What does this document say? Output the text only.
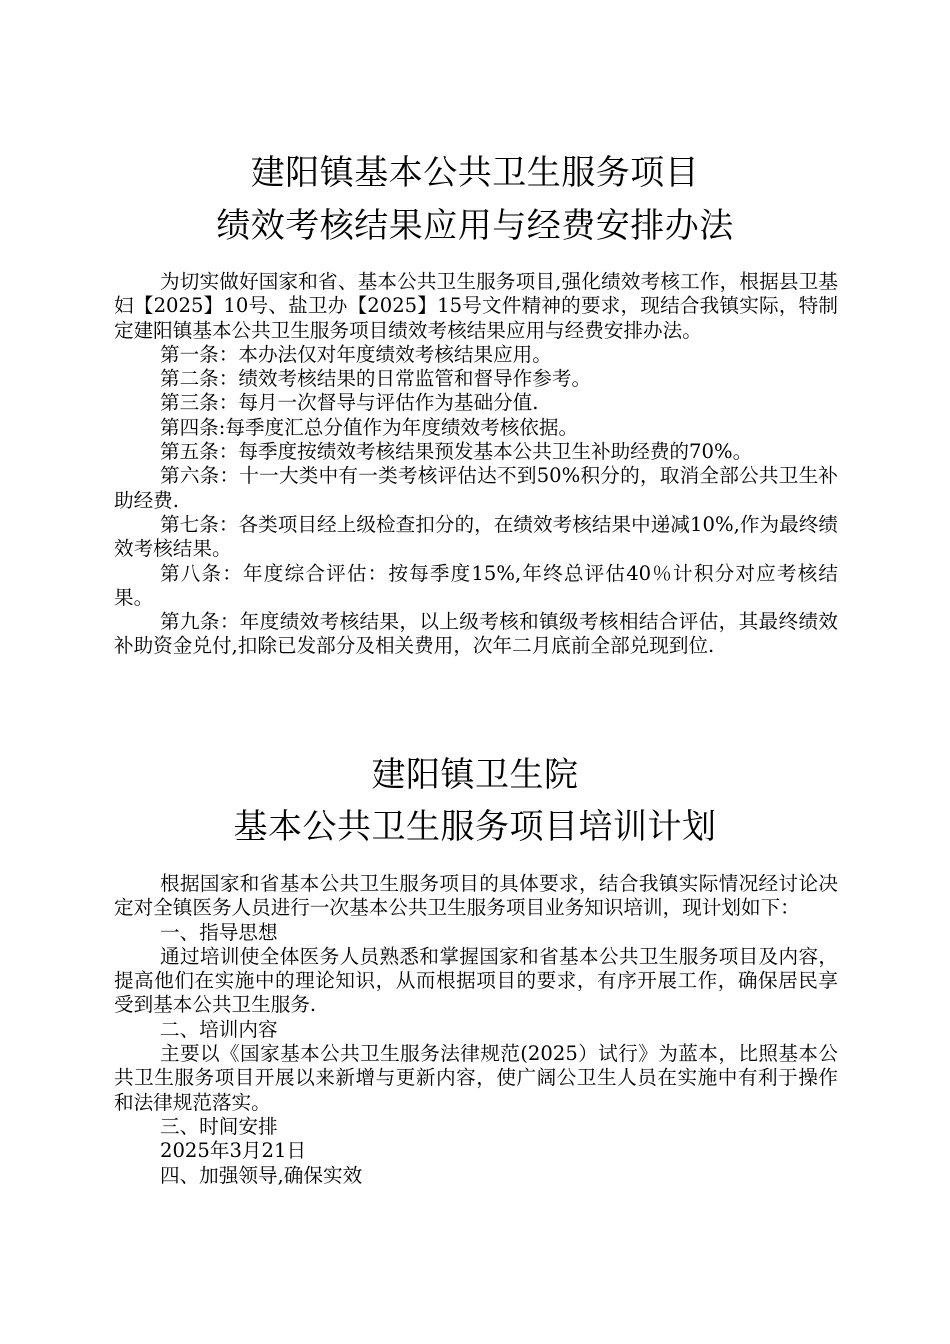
建阳镇基本公共卫生服务项目
绩效考核结果应用与经费安排办法

为切实做好国家和省、基本公共卫生服务项目,强化绩效考核工作，根据县卫基妇【2025】10号、盐卫办【2025】15号文件精神的要求，现结合我镇实际，特制定建阳镇基本公共卫生服务项目绩效考核结果应用与经费安排办法。

第一条：本办法仅对年度绩效考核结果应用。

第二条：绩效考核结果的日常监管和督导作参考。

第三条：每月一次督导与评估作为基础分值.

第四条:每季度汇总分值作为年度绩效考核依据。

第五条：每季度按绩效考核结果预发基本公共卫生补助经费的70%。

第六条：十一大类中有一类考核评估达不到50%积分的，取消全部公共卫生补助经费.

第七条：各类项目经上级检查扣分的，在绩效考核结果中递减10%,作为最终绩效考核结果。

第八条：年度综合评估：按每季度15%,年终总评估40％计积分对应考核结果。

第九条：年度绩效考核结果，以上级考核和镇级考核相结合评估，其最终绩效补助资金兑付,扣除已发部分及相关费用，次年二月底前全部兑现到位.

建阳镇卫生院
基本公共卫生服务项目培训计划

根据国家和省基本公共卫生服务项目的具体要求，结合我镇实际情况经讨论决定对全镇医务人员进行一次基本公共卫生服务项目业务知识培训，现计划如下：

一、指导思想

通过培训使全体医务人员熟悉和掌握国家和省基本公共卫生服务项目及内容，提高他们在实施中的理论知识，从而根据项目的要求，有序开展工作，确保居民享受到基本公共卫生服务.

二、培训内容

主要以《国家基本公共卫生服务法律规范(2025）试行》为蓝本，比照基本公共卫生服务项目开展以来新增与更新内容，使广阔公卫生人员在实施中有利于操作和法律规范落实。

三、时间安排

2025年3月21日

四、加强领导,确保实效
